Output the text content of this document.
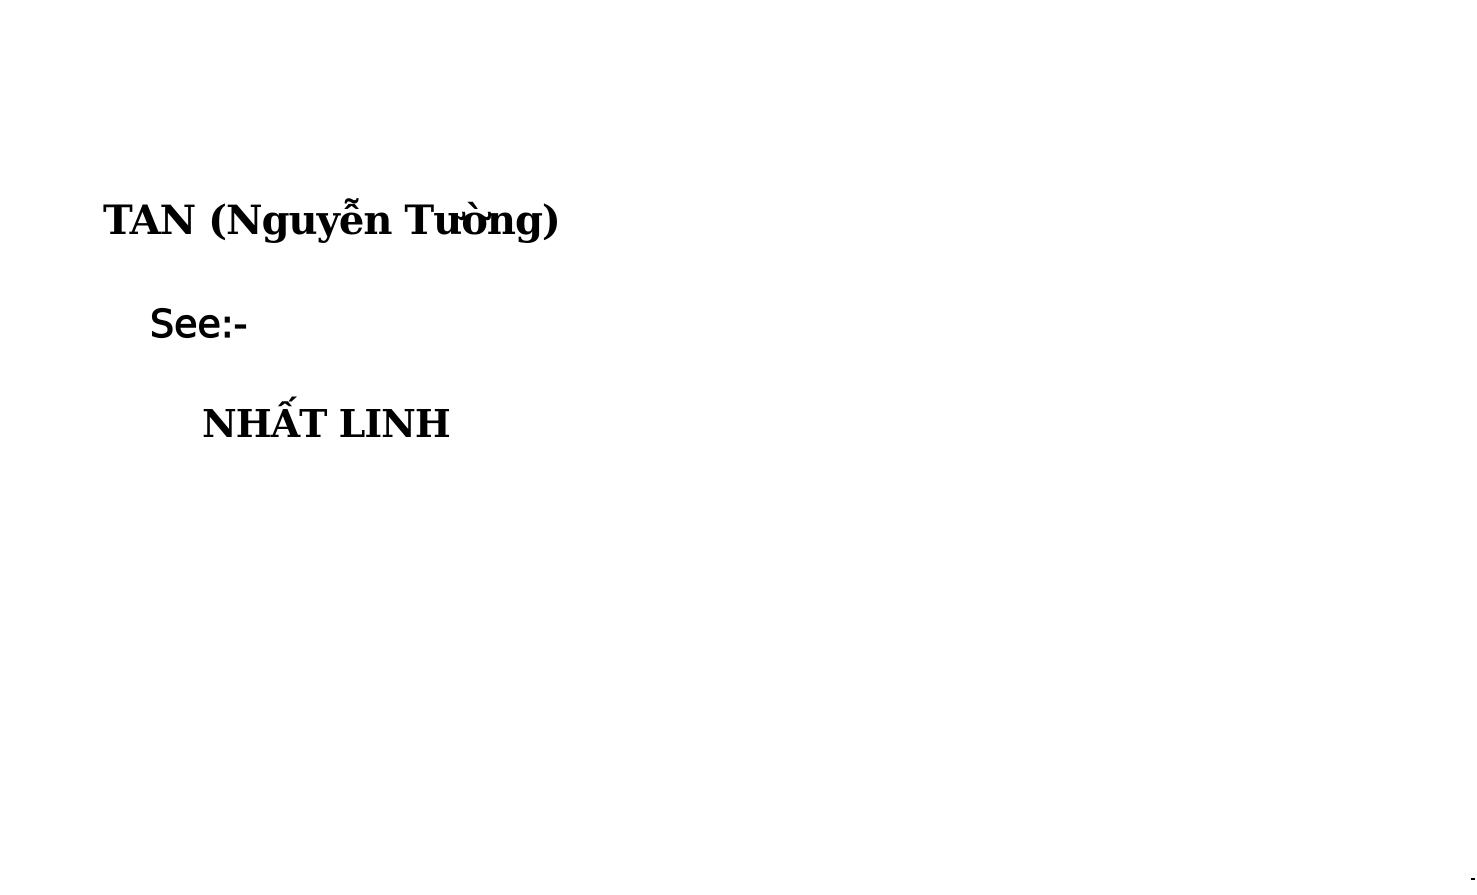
TAN (Nguyễn Tường)
See:-
NHẤT LINH
